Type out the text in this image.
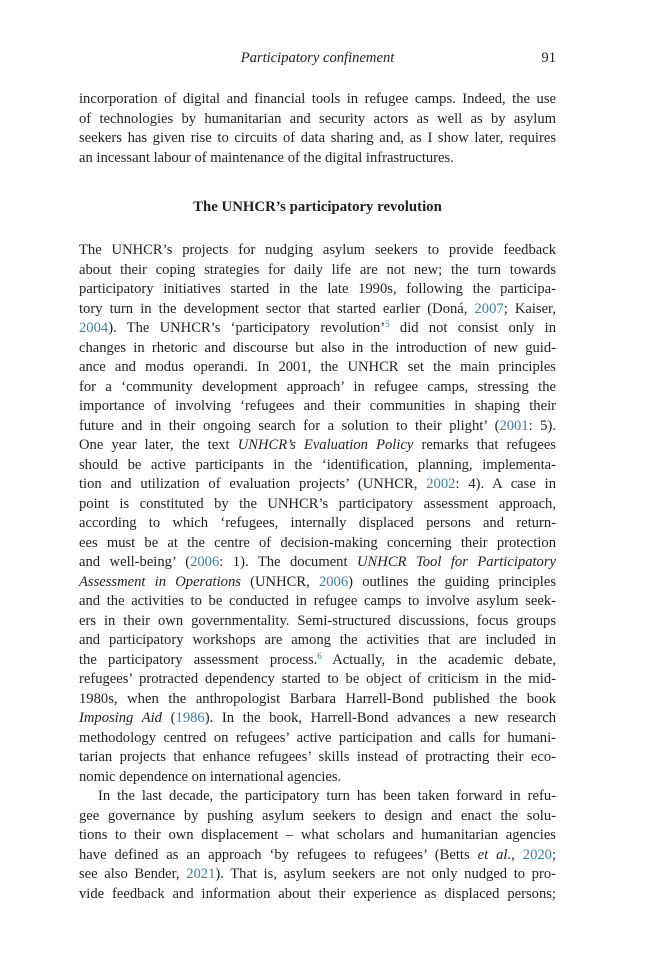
Participatory confinement	91
incorporation of digital and financial tools in refugee camps. Indeed, the use
of technologies by humanitarian and security actors as well as by asylum
seekers has given rise to circuits of data sharing and, as I show later, requires
an incessant labour of maintenance of the digital infrastructures.
The UNHCR’s participatory revolution
The UNHCR’s projects for nudging asylum seekers to provide feedback
about their coping strategies for daily life are not new; the turn towards
participatory initiatives started in the late 1990s, following the participa-
tory turn in the development sector that started earlier (Doná, 2007; Kaiser,
2004). The UNHCR’s ‘participatory revolution’$^5$ did not consist only in
changes in rhetoric and discourse but also in the introduction of new guid-
ance and modus operandi. In 2001, the UNHCR set the main principles
for a ‘community development approach’ in refugee camps, stressing the
importance of involving ‘refugees and their communities in shaping their
future and in their ongoing search for a solution to their plight’ (2001: 5).
One year later, the text UNHCR’s Evaluation Policy remarks that refugees
should be active participants in the ‘identification, planning, implementa-
tion and utilization of evaluation projects’ (UNHCR, 2002: 4). A case in
point is constituted by the UNHCR’s participatory assessment approach,
according to which ‘refugees, internally displaced persons and return-
ees must be at the centre of decision-making concerning their protection
and well-being’ (2006: 1). The document UNHCR Tool for Participatory
Assessment in Operations (UNHCR, 2006) outlines the guiding principles
and the activities to be conducted in refugee camps to involve asylum seek-
ers in their own governmentality. Semi-structured discussions, focus groups
and participatory workshops are among the activities that are included in
the participatory assessment process.$^6$ Actually, in the academic debate,
refugees’ protracted dependency started to be object of criticism in the mid-
1980s, when the anthropologist Barbara Harrell-Bond published the book
Imposing Aid (1986). In the book, Harrell-Bond advances a new research
methodology centred on refugees’ active participation and calls for humani-
tarian projects that enhance refugees’ skills instead of protracting their eco-
nomic dependence on international agencies.
In the last decade, the participatory turn has been taken forward in refu-
gee governance by pushing asylum seekers to design and enact the solu-
tions to their own displacement – what scholars and humanitarian agencies
have defined as an approach ‘by refugees to refugees’ (Betts et al., 2020;
see also Bender, 2021). That is, asylum seekers are not only nudged to pro-
vide feedback and information about their experience as displaced persons;
